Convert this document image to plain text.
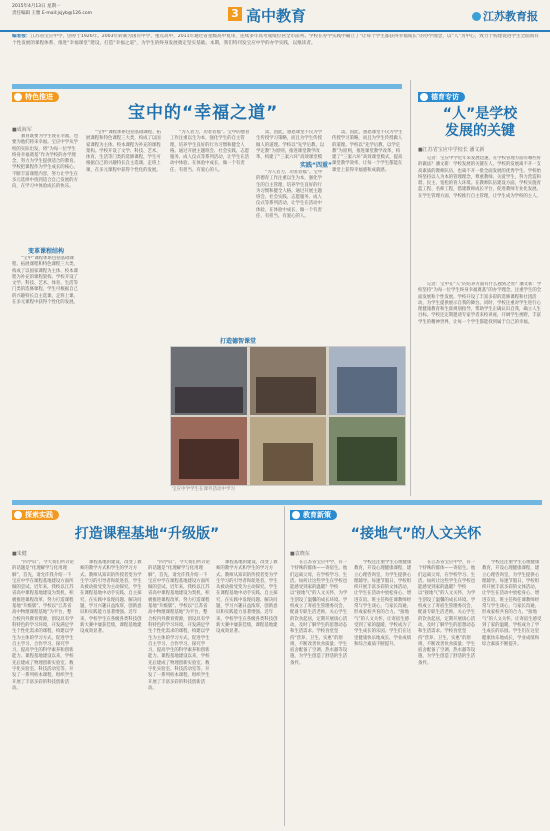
2015年4月13日 星期一
责任编辑 王雅 E-mail:jsjyb@126.com	3 高中教育	江苏教育报
编者按：江苏省宝应中学，创办于1926年。2003年转制为国有中学、重点高中，2011年通过省星级高中复审，连续多年高考成绩位居全市前列。学校在办学实践中确立了“让每个学生都获得幸福成长”的办学理念，以“人”为中心，致力于构建促进学生全面而有个性发展的课程体系，推进“幸福课堂”建设，打造“幸福之道”，为学生的终身发展奠定坚实基础。本期，我们特刊发宝应中学的办学实践，以飨读者。
特色推进
宝中的“幸福之道”
■成海军
变革课程结构
实践“四重”
打造德智课堂

教育既要为学生现在幸福，也要为他们将来幸福。宝应中学从学校的实际出发，将“为每一位学生终身幸福奠基”作为学校的办学理念，努力为学生提供适合的教育。学校把课程作为学生成长的核心，不断丰富课程内容，努力让学生在多元选择中找到适合自己发展的方向，在学习中体验成长的快乐。

“宝中”课程体系包括基础课程、拓展课程和特色课程三大类，构成了以国家课程为主体、校本课程为补充的课程架构。学校开设了文学、科技、艺术、体育、生活等门类的选修课程，学生可根据自己的兴趣特长自主选课，走班上课，在多元课程中获得个性化的发展。

“宝中”课程体系包括基础课程、拓展课程和特色课程三大类，构成了以国家课程为主体、校本课程为补充的课程架构。学校开设了文学、科技、艺术、体育、生活等门类的选修课程，学生可根据自己的兴趣特长自主选课，走班上课，在多元课程中获得个性化的发展。

“为人者力，功者者福”。宝中的德育工作注重以生为本，强化学生的自主管理，培养学生良好的行为习惯和健全人格。通过开展主题班会、社会实践、志愿服务、成人仪式等系列活动，让学生在活动中体验、在体验中成长，做一个有责任、有担当、有爱心的人。

需，因此，感恩课堂不仅为学生传授学习策略，而且为学生传授做人的道理。学校以“先学后教、以学定教”为原则，推进课堂教学改革，构建了“三案六环”高效课堂模

“为人者力，功者者福”。宝中的德育工作注重以生为本，强化学生的自主管理，培养学生良好的行为习惯和健全人格。通过开展主题班会、社会实践、志愿服务、成人仪式等系列活动，让学生在活动中体验、在体验中成长，做一个有责任、有担当、有爱心的人。

需，因此，感恩课堂不仅为学生传授学习策略，而且为学生传授做人的道理。学校以“先学后教、以学定教”为原则，推进课堂教学改革，构建了“三案六环”高效课堂模式，提高课堂教学效率，让每一个学生都能在课堂上获得幸福感和成就感。

宝应中学学生在课外活动中学习
德育专访
“人”是学校
发展的关键
■江苏省宝应中学校长 潘文新

记者：宝应中学近年来发展迅速，在学校管理方面有哪些好的做法？潘文新：学校发展的关键在人，学校的发展离不开一支高素质的教师队伍，也离不开一批全面发展的优秀学生。学校始终坚持以人为本的管理理念，尊重教师、关爱学生，努力营造和谐、民主、宽松的育人环境。在教师队伍建设方面，学校实施青蓝工程、名师工程，搭建教师成长平台，促进教师专业化发展。在学生管理方面，学校推行自主管理，让学生成为学校的主人。

记者：宝中在“人”的培养方面有什么独到之处？潘文新：学校坚持“为每一位学生终身幸福奠基”的办学理念，注重学生的全面发展和个性发展。学校开设了丰富多彩的选修课程和社团活动，为学生提供展示自我的舞台。同时，学校注重对学生进行心理健康教育和生涯规划指导，帮助学生正确认识自我，确立人生目标。学校还定期邀请专家学者来校讲座，开阔学生视野，丰富学生的精神世界，让每一个学生都能找到属于自己的幸福。

探索实践
打造课程基地“升级版”
■朱健

“四学识”，今天我们所讨论的话题是“化理解学与化用理解”，首先，请允许我介绍一下宝应中学在课程基地建设方面所做的尝试。近年来，我校以江苏省高中课程基地建设为契机，积极推进课程改革，努力打造课程基地“升级版”。学校以“江苏省高中物理课程基地”为平台，整合校内外教育资源，创设具有学科特色的学习环境，开发满足学生个性化需求的课程，构建以学生为主体的学习方式，促进学生自主学习、合作学习、探究学习，提高学生的科学素养和创新能力。课程基地建设以来，学校先后建成了物理创新实验室、数字化实验室、科技活动室等，开发了一系列校本课程，组织学生开展了丰富多彩的科技创新活动。

课程基地的建设，改变了教师的教学方式和学生的学习方式。教师从知识的传授者变为学生学习的引导者和促进者，学生从被动接受变为主动探究。学生在课程基地中动手实践、自主探究，在实践中发现问题、解决问题，学习兴趣日益浓厚，创新意识和实践能力显著增强。近年来，学校学生在各级各类科技创新大赛中屡获佳绩，课程基地建设成效显著。

“四学识”，今天我们所讨论的话题是“化理解学与化用理解”，首先，请允许我介绍一下宝应中学在课程基地建设方面所做的尝试。近年来，我校以江苏省高中课程基地建设为契机，积极推进课程改革，努力打造课程基地“升级版”。学校以“江苏省高中物理课程基地”为平台，整合校内外教育资源，创设具有学科特色的学习环境，开发满足学生个性化需求的课程，构建以学生为主体的学习方式，促进学生自主学习、合作学习、探究学习，提高学生的科学素养和创新能力。课程基地建设以来，学校先后建成了物理创新实验室、数字化实验室、科技活动室等，开发了一系列校本课程，组织学生开展了丰富多彩的科技创新活动。

课程基地的建设，改变了教师的教学方式和学生的学习方式。教师从知识的传授者变为学生学习的引导者和促进者，学生从被动接受变为主动探究。学生在课程基地中动手实践、自主探究，在实践中发现问题、解决问题，学习兴趣日益浓厚，创新意识和实践能力显著增强。近年来，学校学生在各级各类科技创新大赛中屡获佳绩，课程基地建设成效显著。

教育新策
“接地气”的人文关怀
■袁晓东

在江苏省宝应中学，有一个特殊的群体——寄宿生。他们远离父母，在学校学习、生活。如何让这些学生在学校也能感受到家的温暖？学校以“接地气”的人文关怀，为学生创设了温馨的成长环境。学校成立了寄宿生管理委员会，配备专职生活老师，关心学生的饮食起居，定期开展谈心活动，及时了解学生的思想动态和生活需求。学校食堂坚持“营养、卫生、实惠”的原则，不断改善伙食质量；学生宿舍配备了空调、热水器等设施，为学生创造了舒适的生活条件。

学校还注重学生心理健康教育，开设心理健康课程，建立心理咨询室，为学生提供心理辅导。每逢节假日，学校组织开展丰富多彩的文体活动，让学生在活动中放松身心、增进友谊。班主任和任课教师经常与学生谈心，与家长沟通，形成家校共育的合力。“接地气”的人文关怀，让寄宿生感受到了家的温暖，学校成为了学生成长的乐园。学生们在这里健康快乐地成长，学业成绩和综合素质不断提升。

在江苏省宝应中学，有一个特殊的群体——寄宿生。他们远离父母，在学校学习、生活。如何让这些学生在学校也能感受到家的温暖？学校以“接地气”的人文关怀，为学生创设了温馨的成长环境。学校成立了寄宿生管理委员会，配备专职生活老师，关心学生的饮食起居，定期开展谈心活动，及时了解学生的思想动态和生活需求。学校食堂坚持“营养、卫生、实惠”的原则，不断改善伙食质量；学生宿舍配备了空调、热水器等设施，为学生创造了舒适的生活条件。

学校还注重学生心理健康教育，开设心理健康课程，建立心理咨询室，为学生提供心理辅导。每逢节假日，学校组织开展丰富多彩的文体活动，让学生在活动中放松身心、增进友谊。班主任和任课教师经常与学生谈心，与家长沟通，形成家校共育的合力。“接地气”的人文关怀，让寄宿生感受到了家的温暖，学校成为了学生成长的乐园。学生们在这里健康快乐地成长，学业成绩和综合素质不断提升。
